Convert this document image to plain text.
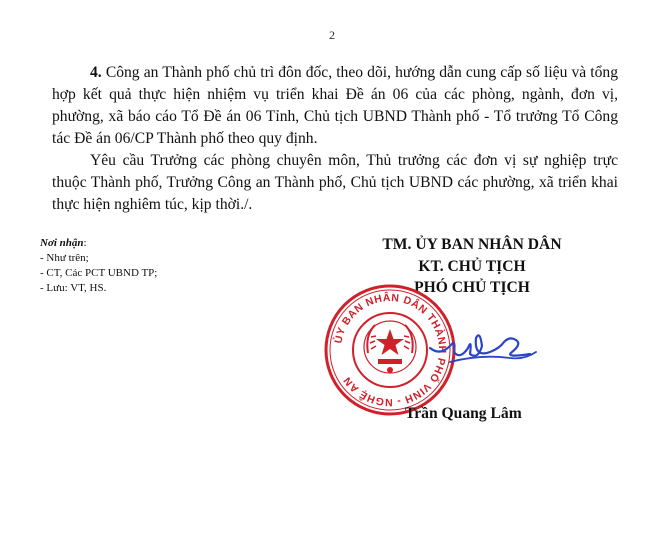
2

4. Công an Thành phố chủ trì đôn đốc, theo dõi, hướng dẫn cung cấp số liệu và tổng hợp kết quả thực hiện nhiệm vụ triển khai Đề án 06 của các phòng, ngành, đơn vị, phường, xã báo cáo Tổ Đề án 06 Tỉnh, Chủ tịch UBND Thành phố - Tổ trưởng Tổ Công tác Đề án 06/CP Thành phố theo quy định.

Yêu cầu Trưởng các phòng chuyên môn, Thủ trưởng các đơn vị sự nghiệp trực thuộc Thành phố, Trưởng Công an Thành phố, Chủ tịch UBND các phường, xã triển khai thực hiện nghiêm túc, kịp thời./.

Nơi nhận:
- Như trên;
- CT, Các PCT UBND TP;
- Lưu: VT, HS.
TM. ỦY BAN NHÂN DÂN
KT. CHỦ TỊCH
PHÓ CHỦ TỊCH
ỦY BAN NHÂN DÂN THÀNH PHỐ VINH - NGHỆ AN
Trần Quang Lâm
